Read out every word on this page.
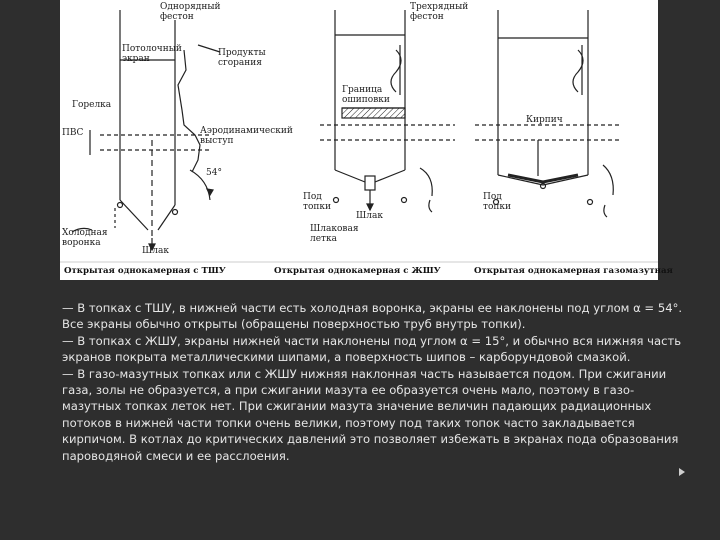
Однорядный
фестон
Потолочный
экран
Продукты
сгорания
Горелка
ПВС	Аэродинамический
выступ
54°
Холодная
воронка
Шлак
Открытая однокамерная с ТШУ
Трехрядный
фестон
Граница
ошиповки
Под
топки
Шлак
Шлаковая
летка
Открытая однокамерная с ЖШУ
Кирпич
Под
топки
Открытая однокамерная газомазутная

— В топках с ТШУ, в нижней части есть холодная воронка, экраны ее наклонены под углом α = 54°. Все экраны обычно открыты (обращены поверхностью труб внутрь топки).

— В топках с ЖШУ, экраны нижней части наклонены под углом α = 15°, и обычно вся нижняя часть экранов покрыта металлическими шипами, а поверхность шипов – карборундовой смазкой.

— В газо-мазутных топках или с ЖШУ нижняя наклонная часть называется подом. При сжигании газа, золы не образуется, а при сжигании мазута ее образуется очень мало, поэтому в газо-мазутных топках леток нет. При сжигании мазута значение величин падающих радиационных потоков в нижней части топки очень велики, поэтому под таких топок часто закладывается кирпичом. В котлах до критических давлений это позволяет избежать в экранах пода образования пароводяной смеси и ее расслоения.
